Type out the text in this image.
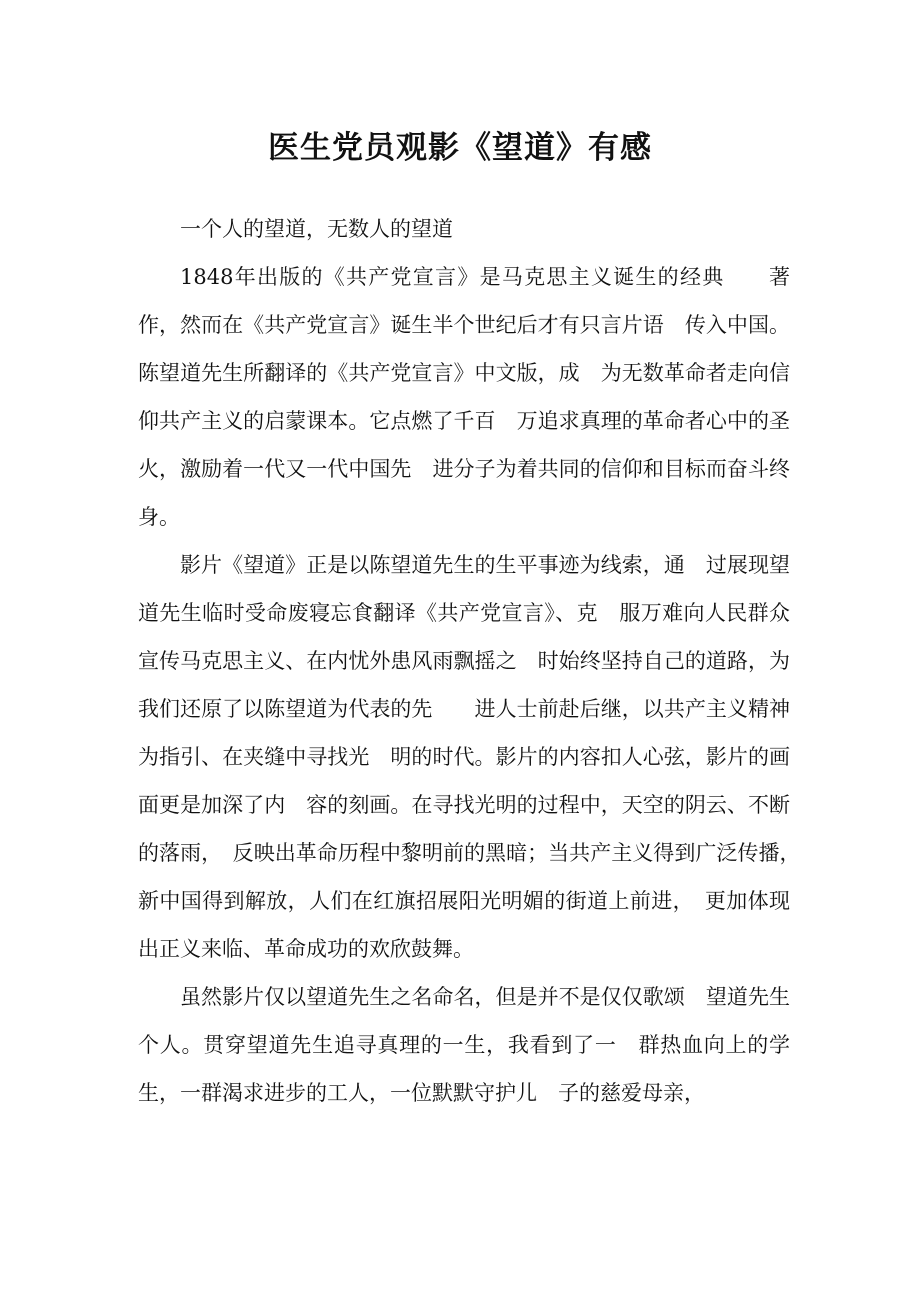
医生党员观影《望道》有感

一个人的望道，无数人的望道

1848年出版的《共产党宣言》是马克思主义诞生的经典　　著作，然而在《共产党宣言》诞生半个世纪后才有只言片语　传入中国。陈望道先生所翻译的《共产党宣言》中文版，成　为无数革命者走向信仰共产主义的启蒙课本。它点燃了千百　万追求真理的革命者心中的圣火，激励着一代又一代中国先　进分子为着共同的信仰和目标而奋斗终身。

影片《望道》正是以陈望道先生的生平事迹为线索，通　过展现望道先生临时受命废寝忘食翻译《共产党宣言》、克　服万难向人民群众宣传马克思主义、在内忧外患风雨飘摇之　时始终坚持自己的道路，为我们还原了以陈望道为代表的先　　进人士前赴后继，以共产主义精神为指引、在夹缝中寻找光　明的时代。影片的内容扣人心弦，影片的画面更是加深了内　容的刻画。在寻找光明的过程中，天空的阴云、不断的落雨，　反映出革命历程中黎明前的黑暗；当共产主义得到广泛传播，　新中国得到解放，人们在红旗招展阳光明媚的街道上前进，　更加体现出正义来临、革命成功的欢欣鼓舞。

虽然影片仅以望道先生之名命名，但是并不是仅仅歌颂　望道先生个人。贯穿望道先生追寻真理的一生，我看到了一　群热血向上的学生，一群渴求进步的工人，一位默默守护儿　子的慈爱母亲，
